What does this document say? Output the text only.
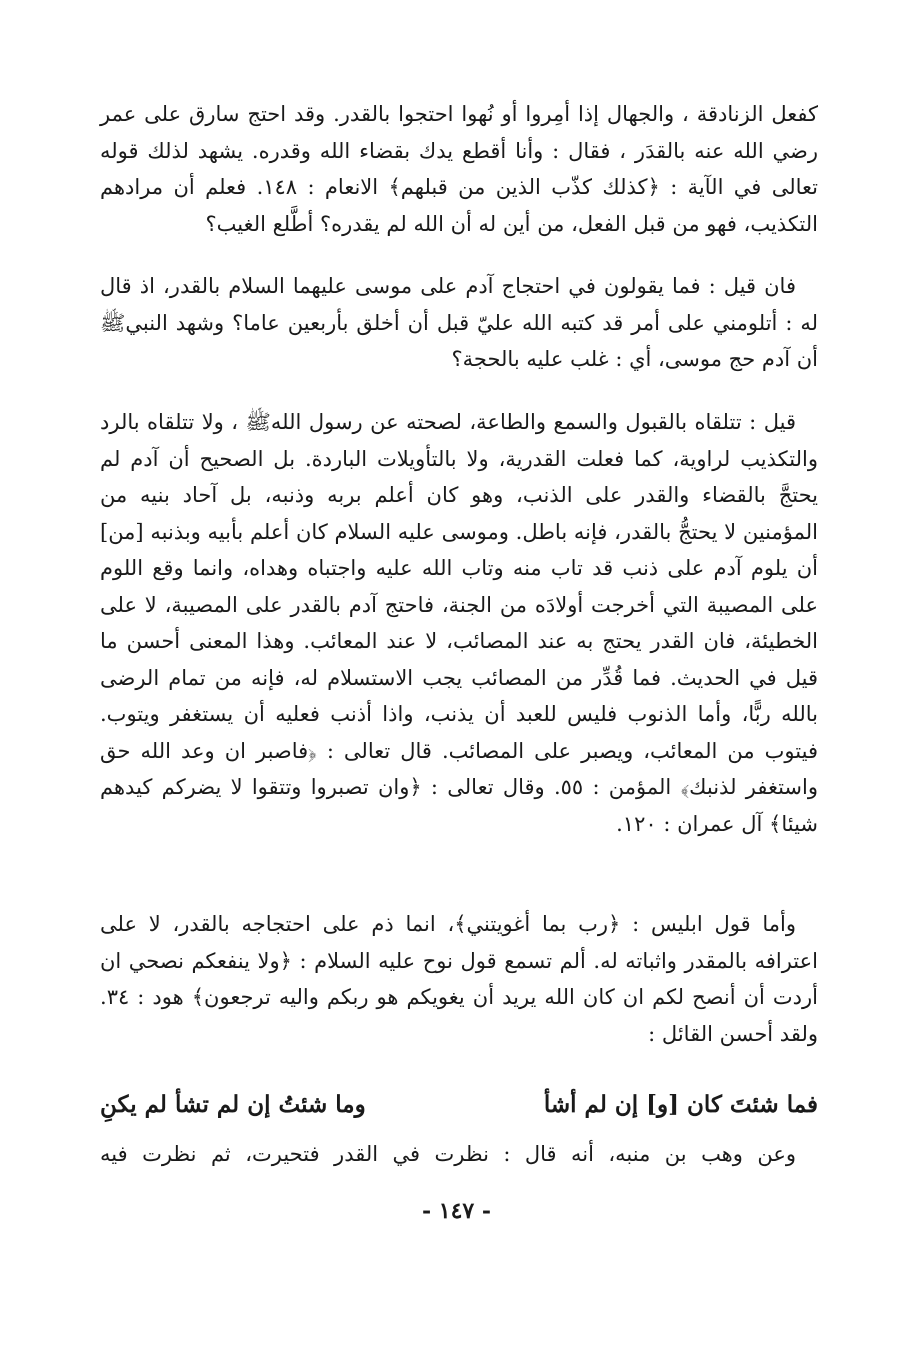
كفعل الزنادقة ، والجهال إذا أمِروا أو نُهوا احتجوا بالقدر. وقد احتج سارق على عمر رضي الله عنه بالقدَر ، فقال : وأنا أقطع يدك بقضاء الله وقدره. يشهد لذلك قوله تعالى في الآية : ﴿كذلك كذّب الذين من قبلهم﴾ الانعام : ١٤٨. فعلم أن مرادهم التكذيب، فهو من قبل الفعل، من أين له أن الله لم يقدره؟ أطَّلع الغيب؟

فان قيل : فما يقولون في احتجاج آدم على موسى عليهما السلام بالقدر، اذ قال له : أتلومني على أمر قد كتبه الله عليّ قبل أن أخلق بأربعين عاما؟ وشهد النبيﷺ أن آدم حج موسى، أي : غلب عليه بالحجة؟

قيل : تتلقاه بالقبول والسمع والطاعة، لصحته عن رسول اللهﷺ ، ولا تتلقاه بالرد والتكذيب لراوية، كما فعلت القدرية، ولا بالتأويلات الباردة. بل الصحيح أن آدم لم يحتجَّ بالقضاء والقدر على الذنب، وهو كان أعلم بربه وذنبه، بل آحاد بنيه من المؤمنين لا يحتجُّ بالقدر، فإنه باطل. وموسى عليه السلام كان أعلم بأبيه وبذنبه [من] أن يلوم آدم على ذنب قد تاب منه وتاب الله عليه واجتباه وهداه، وانما وقع اللوم على المصيبة التي أخرجت أولادَه من الجنة، فاحتج آدم بالقدر على المصيبة، لا على الخطيئة، فان القدر يحتج به عند المصائب، لا عند المعائب. وهذا المعنى أحسن ما قيل في الحديث. فما قُدِّر من المصائب يجب الاستسلام له، فإنه من تمام الرضى بالله ربًّا، وأما الذنوب فليس للعبد أن يذنب، واذا أذنب فعليه أن يستغفر ويتوب. فيتوب من المعائب، ويصبر على المصائب. قال تعالى : ﴿فاصبر ان وعد الله حق واستغفر لذنبك﴾ المؤمن : ٥٥. وقال تعالى : ﴿وان تصبروا وتتقوا لا يضركم كيدهم شيئا﴾ آل عمران : ١٢٠.

وأما قول ابليس : ﴿رب بما أغويتني﴾، انما ذم على احتجاجه بالقدر، لا على اعترافه بالمقدر واثباته له. ألم تسمع قول نوح عليه السلام : ﴿ولا ينفعكم نصحي ان أردت أن أنصح لكم ان كان الله يريد أن يغويكم هو ربكم واليه ترجعون﴾ هود : ٣٤. ولقد أحسن القائل :

فما شئتَ كان [و] إن لم أشأ
وما شئتُ إن لم تشأ لم يكنِ
وعن وهب بن منبه، أنه قال : نظرت في القدر فتحيرت، ثم نظرت فيه
- ١٤٧ -
